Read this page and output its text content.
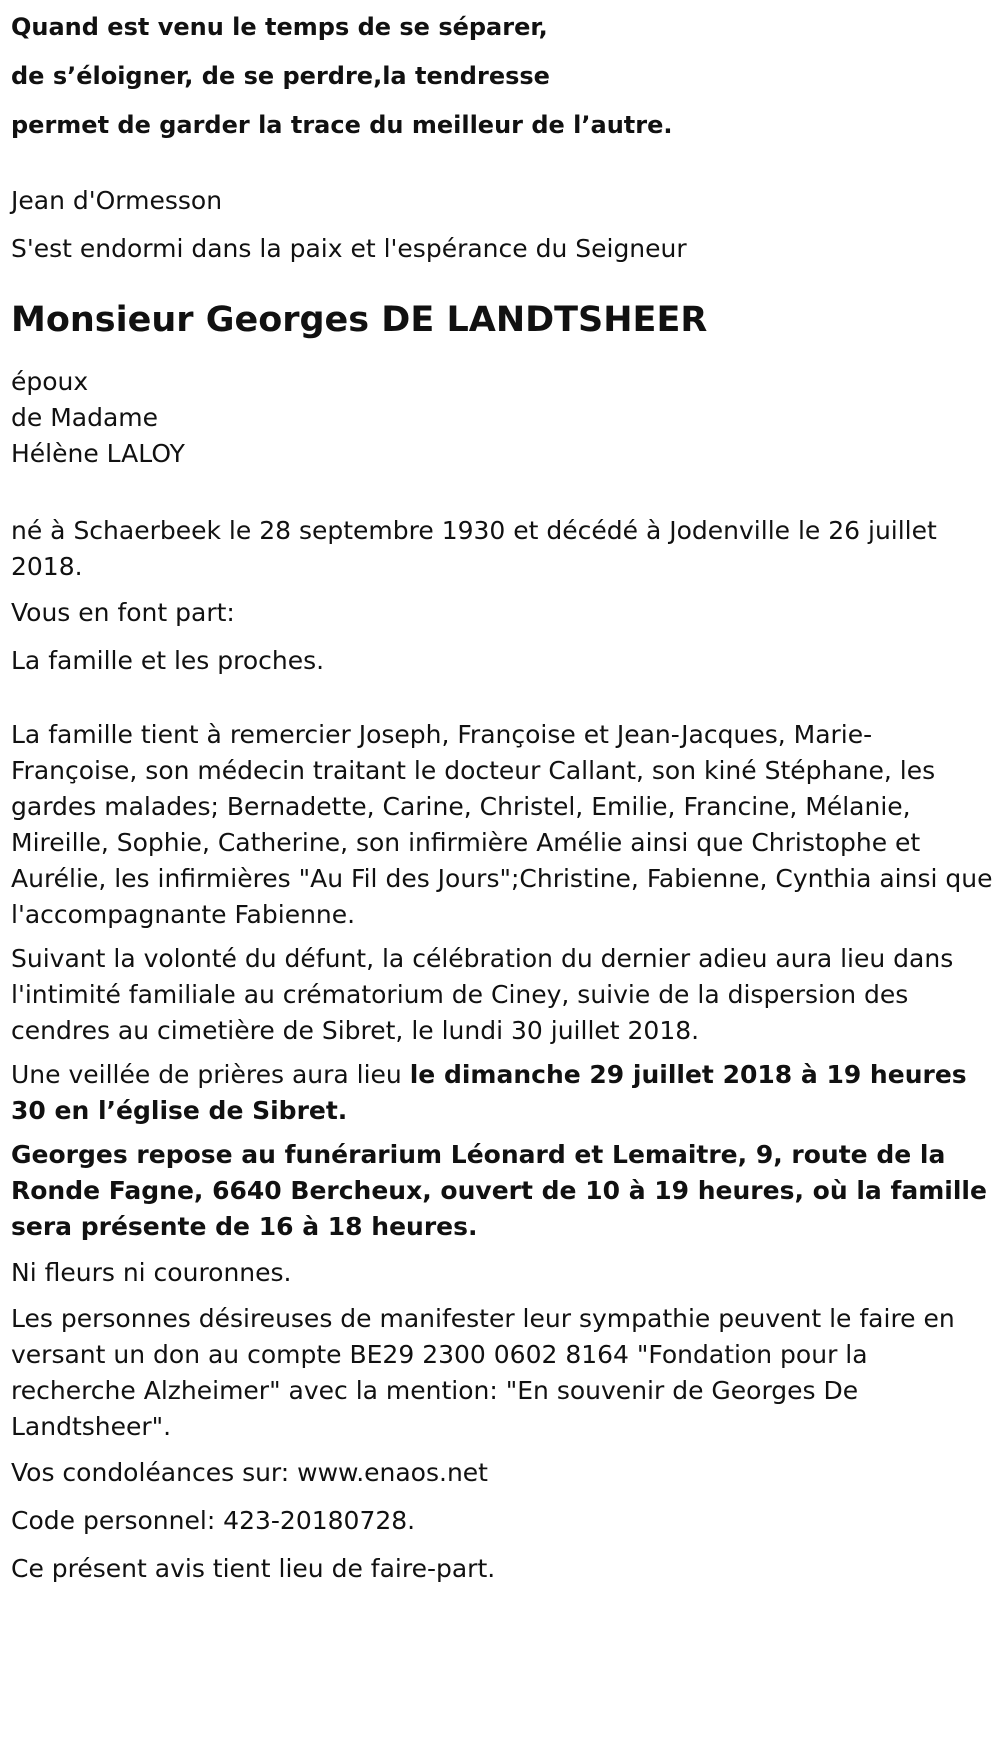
Quand est venu le temps de se séparer,

de s’éloigner, de se perdre,la tendresse

permet de garder la trace du meilleur de l’autre.

Jean d'Ormesson

S'est endormi dans la paix et l'espérance du Seigneur

Monsieur Georges DE LANDTSHEER

époux

de Madame

Hélène LALOY

né à Schaerbeek le 28 septembre 1930 et décédé à Jodenville le 26 juillet 2018.

Vous en font part:

La famille et les proches.

La famille tient à remercier Joseph, Françoise et Jean-Jacques, Marie-Françoise, son médecin traitant le docteur Callant, son kiné Stéphane, les gardes malades; Bernadette, Carine, Christel, Emilie, Francine, Mélanie, Mireille, Sophie, Catherine, son infirmière Amélie ainsi que Christophe et Aurélie, les infirmières "Au Fil des Jours";Christine, Fabienne, Cynthia ainsi que l'accompagnante Fabienne.

Suivant la volonté du défunt, la célébration du dernier adieu aura lieu dans l'intimité familiale au crématorium de Ciney, suivie de la dispersion des cendres au cimetière de Sibret, le lundi 30 juillet 2018.

Une veillée de prières aura lieu le dimanche 29 juillet 2018 à 19 heures 30 en l’église de Sibret.

Georges repose au funérarium Léonard et Lemaitre, 9, route de la Ronde Fagne, 6640 Bercheux, ouvert de 10 à 19 heures, où la famille sera présente de 16 à 18 heures.

Ni fleurs ni couronnes.

Les personnes désireuses de manifester leur sympathie peuvent le faire en versant un don au compte BE29 2300 0602 8164 "Fondation pour la recherche Alzheimer" avec la mention: "En souvenir de Georges De Landtsheer".

Vos condoléances sur: www.enaos.net

Code personnel: 423-20180728.

Ce présent avis tient lieu de faire-part.
